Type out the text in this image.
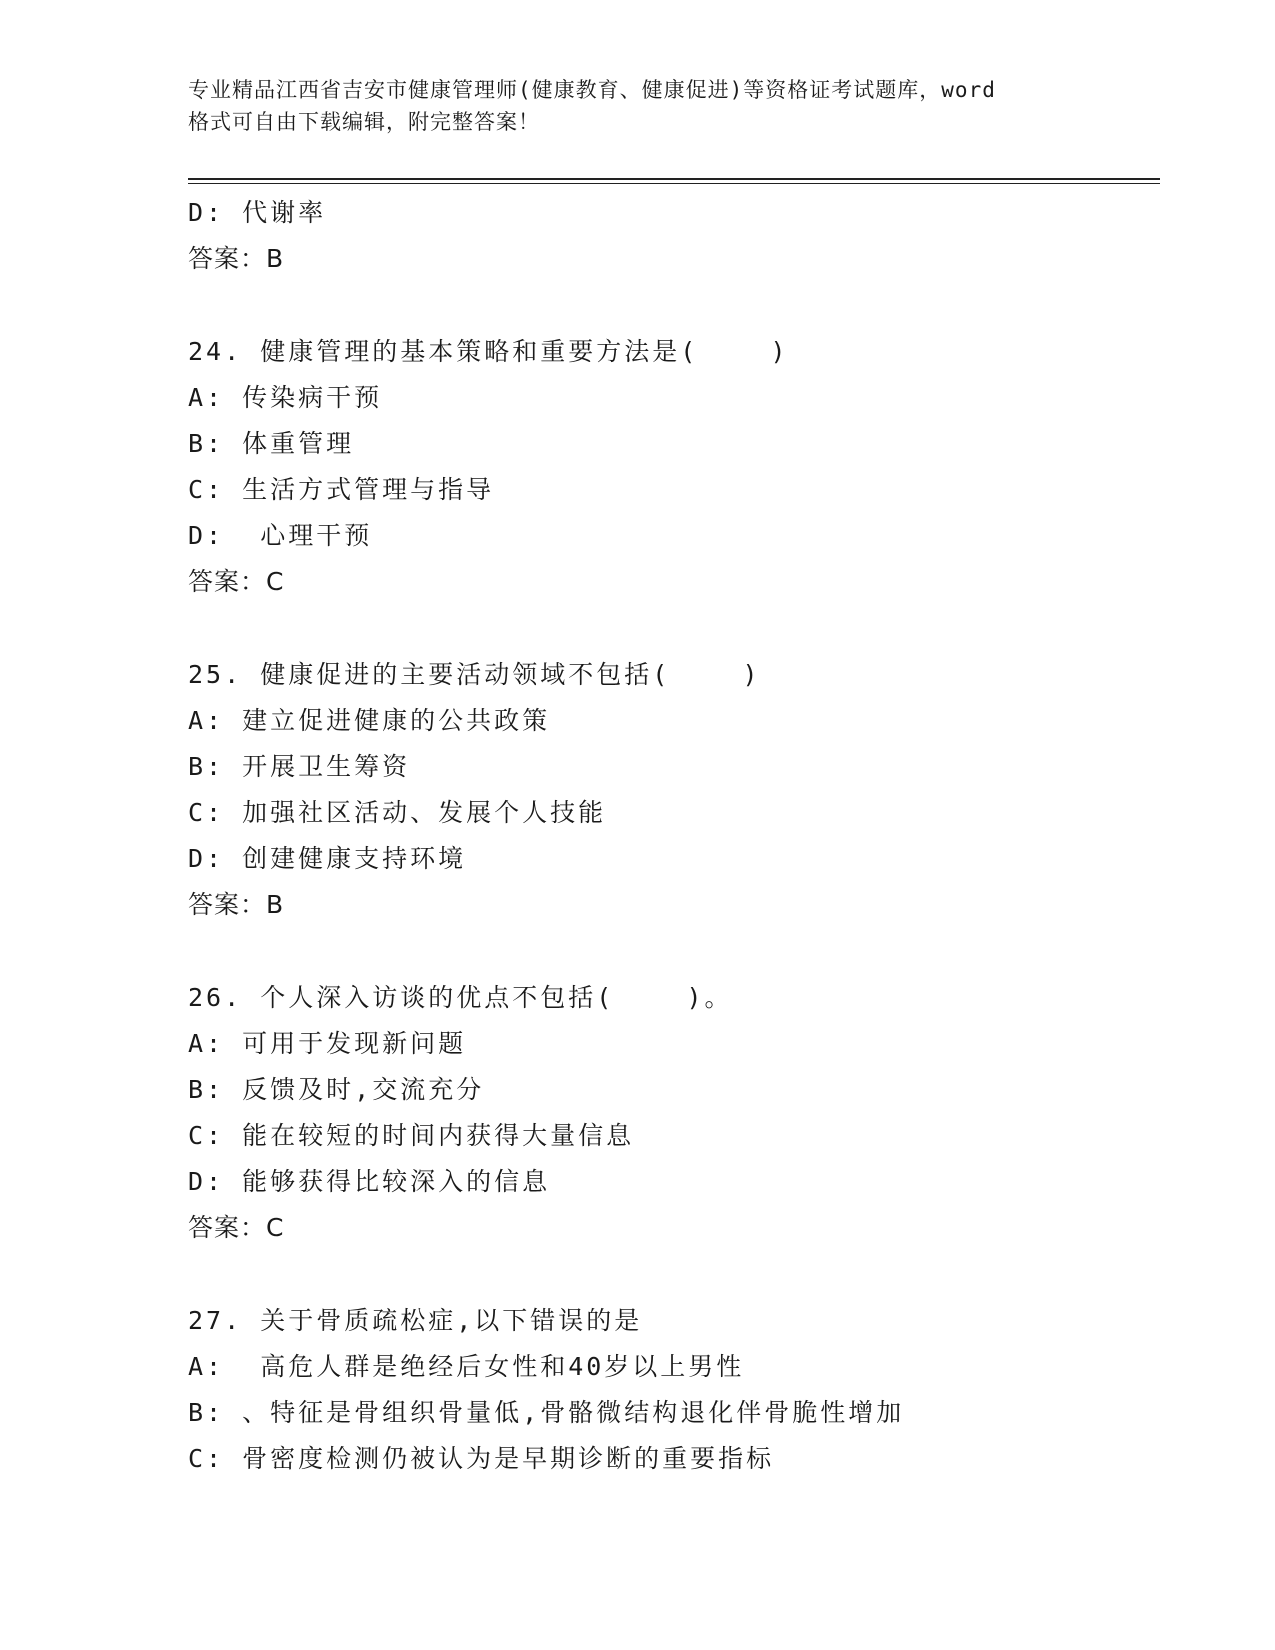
专业精品江西省吉安市健康管理师(健康教育、健康促进)等资格证考试题库，word
格式可自由下载编辑，附完整答案！
D: 代谢率
答案：B
24. 健康管理的基本策略和重要方法是(    )
A: 传染病干预
B: 体重管理
C: 生活方式管理与指导
D:  心理干预
答案：C
25. 健康促进的主要活动领域不包括(    )
A: 建立促进健康的公共政策
B: 开展卫生筹资
C: 加强社区活动、发展个人技能
D: 创建健康支持环境
答案：B
26. 个人深入访谈的优点不包括(    )。
A: 可用于发现新问题
B: 反馈及时,交流充分
C: 能在较短的时间内获得大量信息
D: 能够获得比较深入的信息
答案：C
27. 关于骨质疏松症,以下错误的是
A:  高危人群是绝经后女性和40岁以上男性
B: 、特征是骨组织骨量低,骨骼微结构退化伴骨脆性增加
C: 骨密度检测仍被认为是早期诊断的重要指标
